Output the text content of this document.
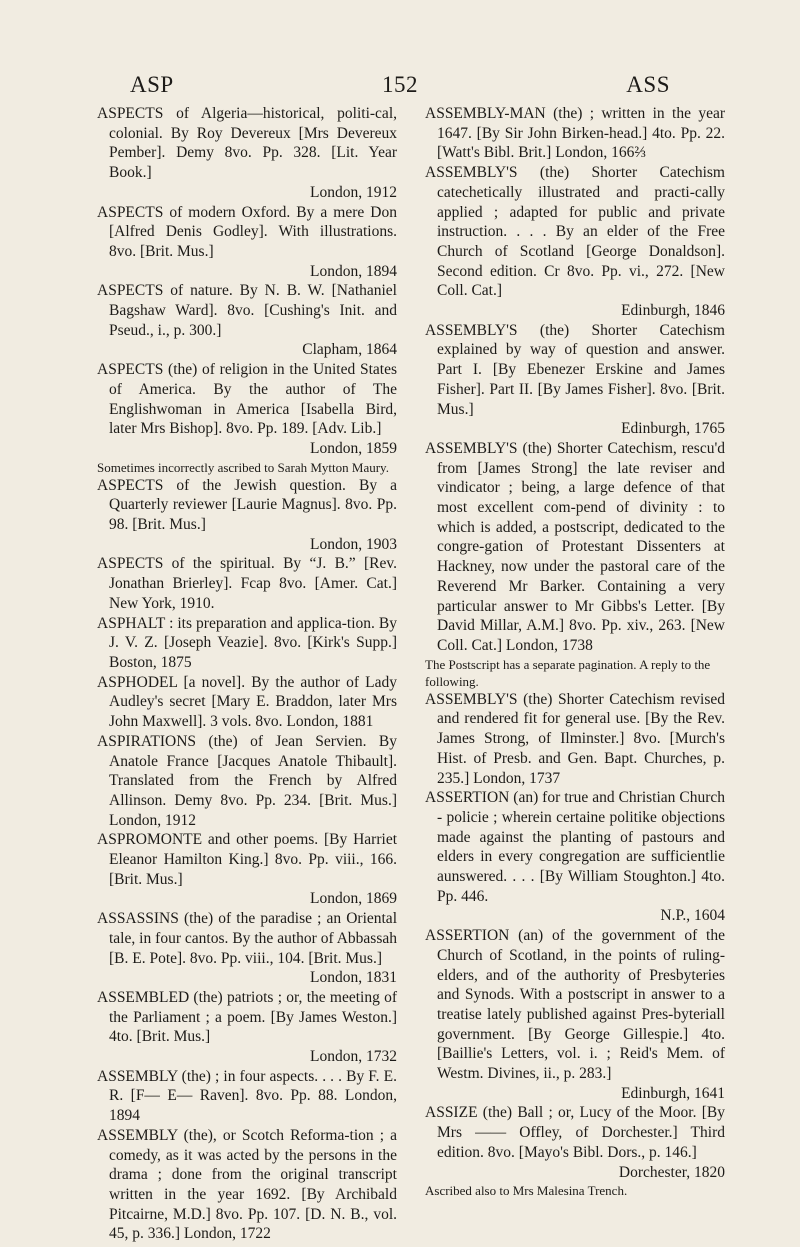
ASP	152	ASS

ASPECTS of Algeria—historical, politi-cal, colonial. By Roy Devereux [Mrs Devereux Pember]. Demy 8vo. Pp. 328. [Lit. Year Book.]
London, 1912

ASPECTS of modern Oxford. By a mere Don [Alfred Denis Godley]. With illustrations. 8vo. [Brit. Mus.]
London, 1894

ASPECTS of nature. By N. B. W. [Nathaniel Bagshaw Ward]. 8vo. [Cushing's Init. and Pseud., i., p. 300.]
Clapham, 1864

ASPECTS (the) of religion in the United States of America. By the author of The Englishwoman in America [Isabella Bird, later Mrs Bishop]. 8vo. Pp. 189. [Adv. Lib.]
London, 1859

Sometimes incorrectly ascribed to Sarah Mytton Maury.

ASPECTS of the Jewish question. By a Quarterly reviewer [Laurie Magnus]. 8vo. Pp. 98. [Brit. Mus.]
London, 1903

ASPECTS of the spiritual. By “J. B.” [Rev. Jonathan Brierley]. Fcap 8vo. [Amer. Cat.] New York, 1910.

ASPHALT : its preparation and applica-tion. By J. V. Z. [Joseph Veazie]. 8vo. [Kirk's Supp.] Boston, 1875

ASPHODEL [a novel]. By the author of Lady Audley's secret [Mary E. Braddon, later Mrs John Maxwell]. 3 vols. 8vo. London, 1881

ASPIRATIONS (the) of Jean Servien. By Anatole France [Jacques Anatole Thibault]. Translated from the French by Alfred Allinson. Demy 8vo. Pp. 234. [Brit. Mus.] London, 1912

ASPROMONTE and other poems. [By Harriet Eleanor Hamilton King.] 8vo. Pp. viii., 166. [Brit. Mus.]
London, 1869

ASSASSINS (the) of the paradise ; an Oriental tale, in four cantos. By the author of Abbassah [B. E. Pote]. 8vo. Pp. viii., 104. [Brit. Mus.]
London, 1831

ASSEMBLED (the) patriots ; or, the meeting of the Parliament ; a poem. [By James Weston.] 4to. [Brit. Mus.]
London, 1732

ASSEMBLY (the) ; in four aspects. . . . By F. E. R. [F— E— Raven]. 8vo. Pp. 88. London, 1894

ASSEMBLY (the), or Scotch Reforma-tion ; a comedy, as it was acted by the persons in the drama ; done from the original transcript written in the year 1692. [By Archibald Pitcairne, M.D.] 8vo. Pp. 107. [D. N. B., vol. 45, p. 336.] London, 1722

ASSEMBLY-MAN (the) ; written in the year 1647. [By Sir John Birken-head.] 4to. Pp. 22. [Watt's Bibl. Brit.] London, 166⅔

ASSEMBLY'S (the) Shorter Catechism catechetically illustrated and practi-cally applied ; adapted for public and private instruction. . . . By an elder of the Free Church of Scotland [George Donaldson]. Second edition. Cr 8vo. Pp. vi., 272. [New Coll. Cat.]
Edinburgh, 1846

ASSEMBLY'S (the) Shorter Catechism explained by way of question and answer. Part I. [By Ebenezer Erskine and James Fisher]. Part II. [By James Fisher]. 8vo. [Brit. Mus.]
Edinburgh, 1765

ASSEMBLY'S (the) Shorter Catechism, rescu'd from [James Strong] the late reviser and vindicator ; being, a large defence of that most excellent com-pend of divinity : to which is added, a postscript, dedicated to the congre-gation of Protestant Dissenters at Hackney, now under the pastoral care of the Reverend Mr Barker. Containing a very particular answer to Mr Gibbs's Letter. [By David Millar, A.M.] 8vo. Pp. xiv., 263. [New Coll. Cat.] London, 1738

The Postscript has a separate pagination. A reply to the following.

ASSEMBLY'S (the) Shorter Catechism revised and rendered fit for general use. [By the Rev. James Strong, of Ilminster.] 8vo. [Murch's Hist. of Presb. and Gen. Bapt. Churches, p. 235.] London, 1737

ASSERTION (an) for true and Christian Church - policie ; wherein certaine politike objections made against the planting of pastours and elders in every congregation are sufficientlie aunswered. . . . [By William Stoughton.] 4to. Pp. 446.
N.P., 1604

ASSERTION (an) of the government of the Church of Scotland, in the points of ruling-elders, and of the authority of Presbyteries and Synods. With a postscript in answer to a treatise lately published against Pres-byteriall government. [By George Gillespie.] 4to. [Baillie's Letters, vol. i. ; Reid's Mem. of Westm. Divines, ii., p. 283.]
Edinburgh, 1641

ASSIZE (the) Ball ; or, Lucy of the Moor. [By Mrs —— Offley, of Dorchester.] Third edition. 8vo. [Mayo's Bibl. Dors., p. 146.]
Dorchester, 1820

Ascribed also to Mrs Malesina Trench.
